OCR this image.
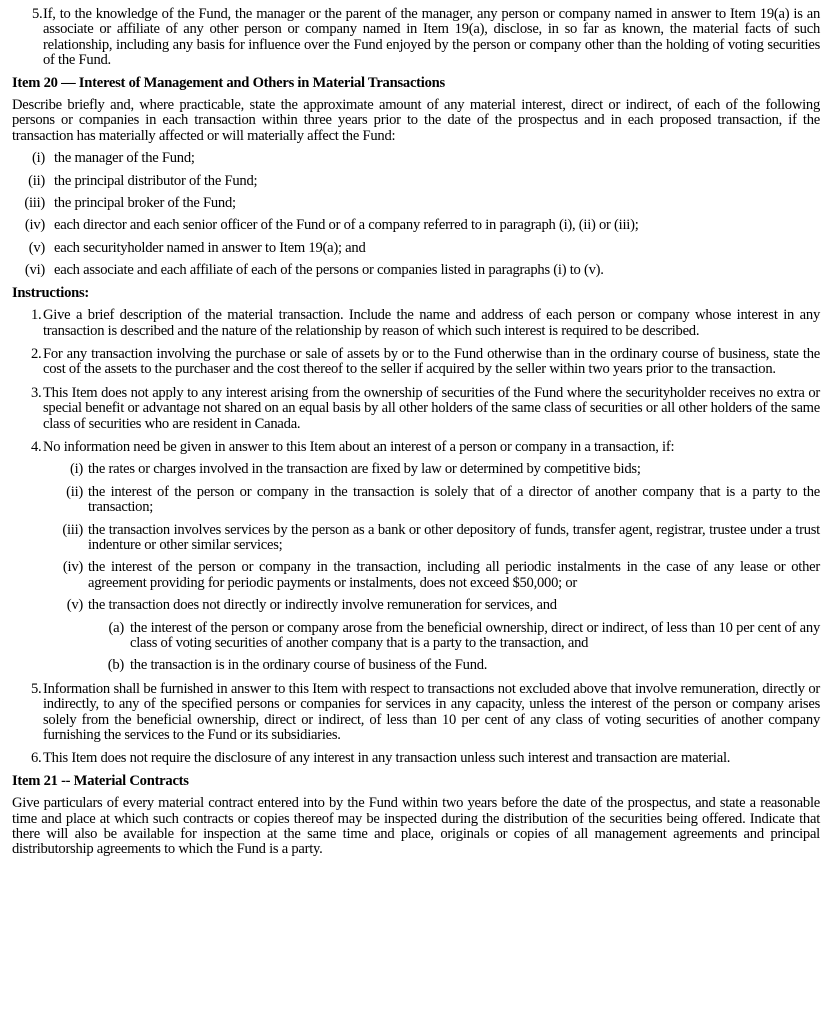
5. If, to the knowledge of the Fund, the manager or the parent of the manager, any person or company named in answer to Item 19(a) is an associate or affiliate of any other person or company named in Item 19(a), disclose, in so far as known, the material facts of such relationship, including any basis for influence over the Fund enjoyed by the person or company other than the holding of voting securities of the Fund.

Item 20 — Interest of Management and Others in Material Transactions

Describe briefly and, where practicable, state the approximate amount of any material interest, direct or indirect, of each of the following persons or companies in each transaction within three years prior to the date of the prospectus and in each proposed transaction, if the transaction has materially affected or will materially affect the Fund:

(i) the manager of the Fund;

(ii) the principal distributor of the Fund;

(iii) the principal broker of the Fund;

(iv) each director and each senior officer of the Fund or of a company referred to in paragraph (i), (ii) or (iii);

(v) each securityholder named in answer to Item 19(a); and

(vi) each associate and each affiliate of each of the persons or companies listed in paragraphs (i) to (v).

Instructions:

1. Give a brief description of the material transaction. Include the name and address of each person or company whose interest in any transaction is described and the nature of the relationship by reason of which such interest is required to be described.

2. For any transaction involving the purchase or sale of assets by or to the Fund otherwise than in the ordinary course of business, state the cost of the assets to the purchaser and the cost thereof to the seller if acquired by the seller within two years prior to the transaction.

3. This Item does not apply to any interest arising from the ownership of securities of the Fund where the securityholder receives no extra or special benefit or advantage not shared on an equal basis by all other holders of the same class of securities or all other holders of the same class of securities who are resident in Canada.

4. No information need be given in answer to this Item about an interest of a person or company in a transaction, if:

(i) the rates or charges involved in the transaction are fixed by law or determined by competitive bids;

(ii) the interest of the person or company in the transaction is solely that of a director of another company that is a party to the transaction;

(iii) the transaction involves services by the person as a bank or other depository of funds, transfer agent, registrar, trustee under a trust indenture or other similar services;

(iv) the interest of the person or company in the transaction, including all periodic instalments in the case of any lease or other agreement providing for periodic payments or instalments, does not exceed $50,000; or

(v) the transaction does not directly or indirectly involve remuneration for services, and

(a) the interest of the person or company arose from the beneficial ownership, direct or indirect, of less than 10 per cent of any class of voting securities of another company that is a party to the transaction, and

(b) the transaction is in the ordinary course of business of the Fund.

5. Information shall be furnished in answer to this Item with respect to transactions not excluded above that involve remuneration, directly or indirectly, to any of the specified persons or companies for services in any capacity, unless the interest of the person or company arises solely from the beneficial ownership, direct or indirect, of less than 10 per cent of any class of voting securities of another company furnishing the services to the Fund or its subsidiaries.

6. This Item does not require the disclosure of any interest in any transaction unless such interest and transaction are material.

Item 21 -- Material Contracts

Give particulars of every material contract entered into by the Fund within two years before the date of the prospectus, and state a reasonable time and place at which such contracts or copies thereof may be inspected during the distribution of the securities being offered. Indicate that there will also be available for inspection at the same time and place, originals or copies of all management agreements and principal distributorship agreements to which the Fund is a party.
